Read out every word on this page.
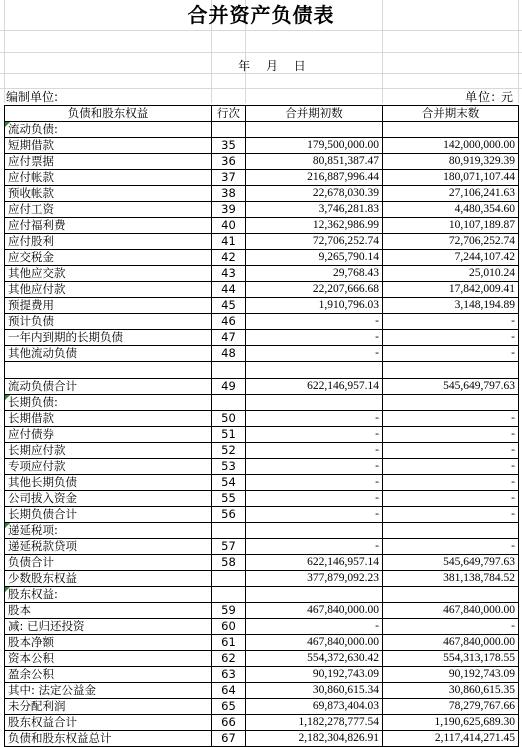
合并资产负债表
年 月 日
编制单位:	单位: 元
负债和股东权益	行次	合并期初数	合并期末数
流动负债:			
短期借款	35	179,500,000.00	142,000,000.00
应付票据	36	80,851,387.47	80,919,329.39
应付帐款	37	216,887,996.44	180,071,107.44
预收帐款	38	22,678,030.39	27,106,241.63
应付工资	39	3,746,281.83	4,480,354.60
应付福利费	40	12,362,986.99	10,107,189.87
应付股利	41	72,706,252.74	72,706,252.74
应交税金	42	9,265,790.14	7,244,107.42
其他应交款	43	29,768.43	25,010.24
其他应付款	44	22,207,666.68	17,842,009.41
预提费用	45	1,910,796.03	3,148,194.89
预计负债	46	-	-
一年内到期的长期负债	47	-	-
其他流动负债	48	-	-

流动负债合计	49	622,146,957.14	545,649,797.63
长期负债:			
长期借款	50	-	-
应付债券	51	-	-
长期应付款	52	-	-
专项应付款	53	-	-
其他长期负债	54	-	-
公司拔入资金	55	-	-
长期负债合计	56	-	-
递延税项:			
递延税款贷项	57	-	-
负债合计	58	622,146,957.14	545,649,797.63
少数股东权益		377,879,092.23	381,138,784.52
股东权益:			
股本	59	467,840,000.00	467,840,000.00
减: 已归还投资	60	-	-
股本净额	61	467,840,000.00	467,840,000.00
资本公积	62	554,372,630.42	554,313,178.55
盈余公积	63	90,192,743.09	90,192,743.09
其中: 法定公益金	64	30,860,615.34	30,860,615.35
未分配利润	65	69,873,404.03	78,279,767.66
股东权益合计	66	1,182,278,777.54	1,190,625,689.30
负债和股东权益总计	67	2,182,304,826.91	2,117,414,271.45
